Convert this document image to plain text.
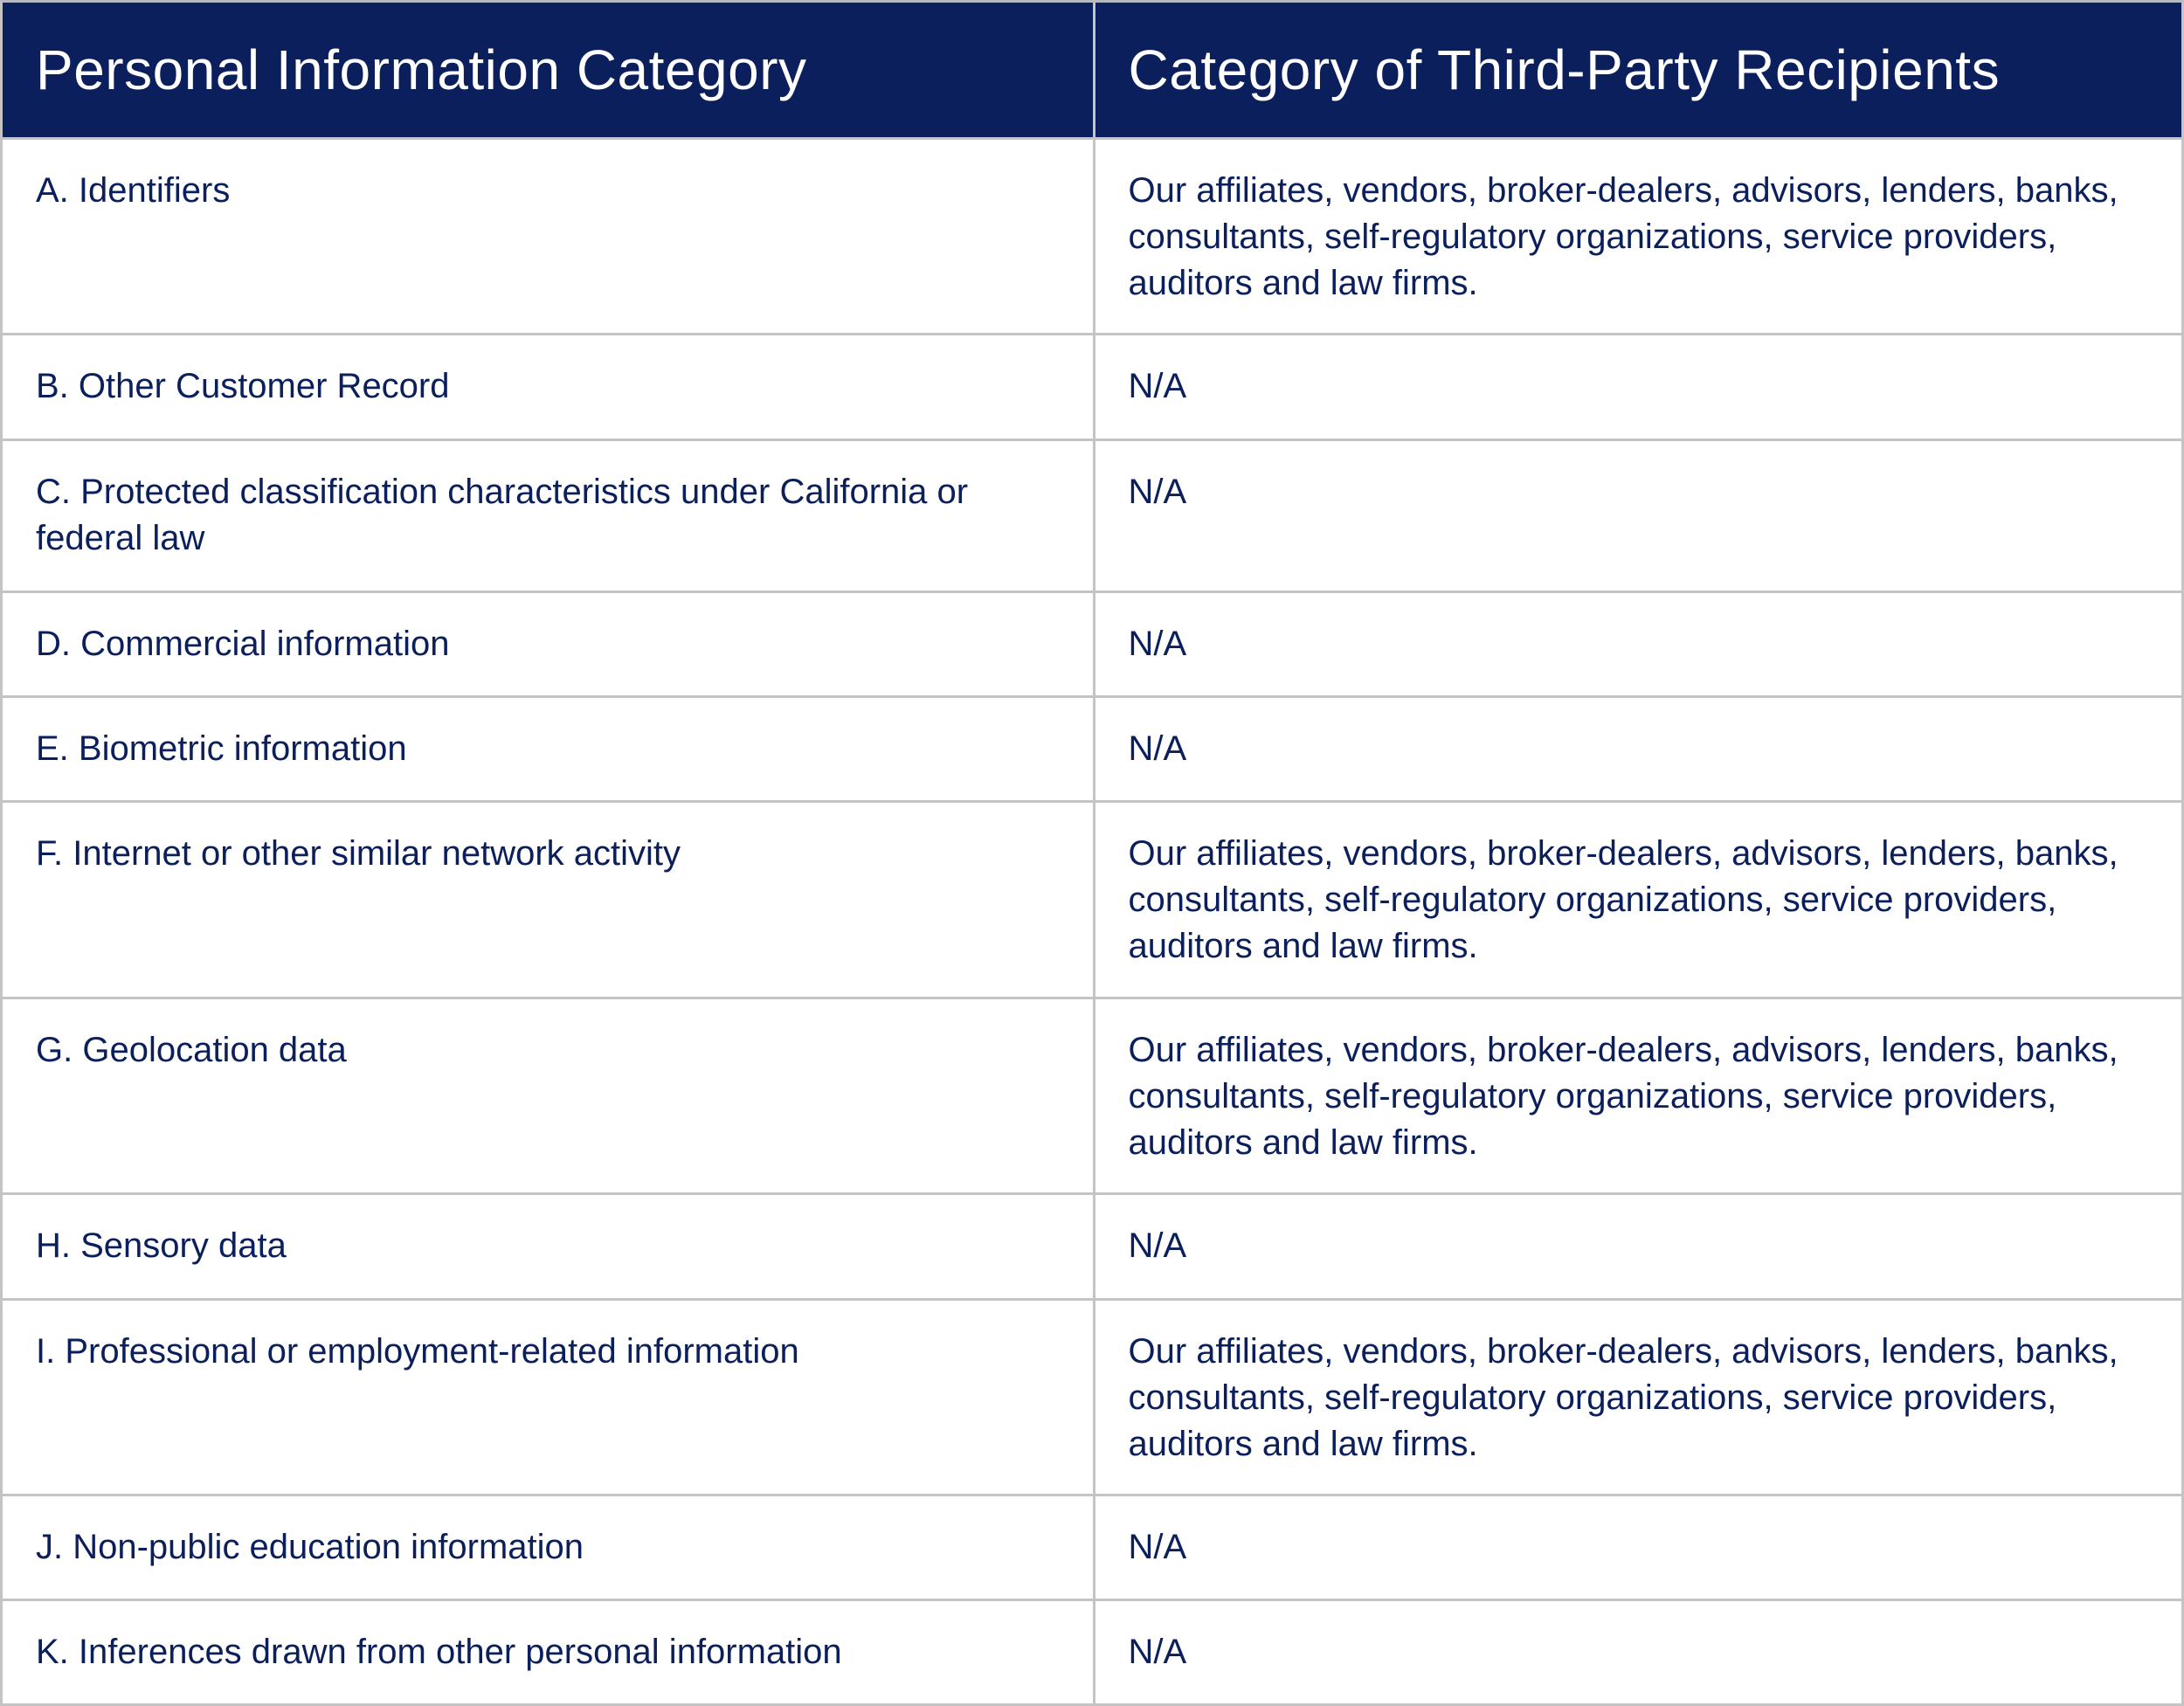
Personal Information Category	Category of Third-Party Recipients
A. Identifiers	Our affiliates, vendors, broker-dealers, advisors, lenders, banks, consultants, self-regulatory organizations, service providers, auditors and law firms.
B. Other Customer Record	N/A
C. Protected classification characteristics under California or federal law	N/A
D. Commercial information	N/A
E. Biometric information	N/A
F. Internet or other similar network activity	Our affiliates, vendors, broker-dealers, advisors, lenders, banks, consultants, self-regulatory organizations, service providers, auditors and law firms.
G. Geolocation data	Our affiliates, vendors, broker-dealers, advisors, lenders, banks, consultants, self-regulatory organizations, service providers, auditors and law firms.
H. Sensory data	N/A
I. Professional or employment-related information	Our affiliates, vendors, broker-dealers, advisors, lenders, banks, consultants, self-regulatory organizations, service providers, auditors and law firms.
J. Non-public education information	N/A
K. Inferences drawn from other personal information	N/A
